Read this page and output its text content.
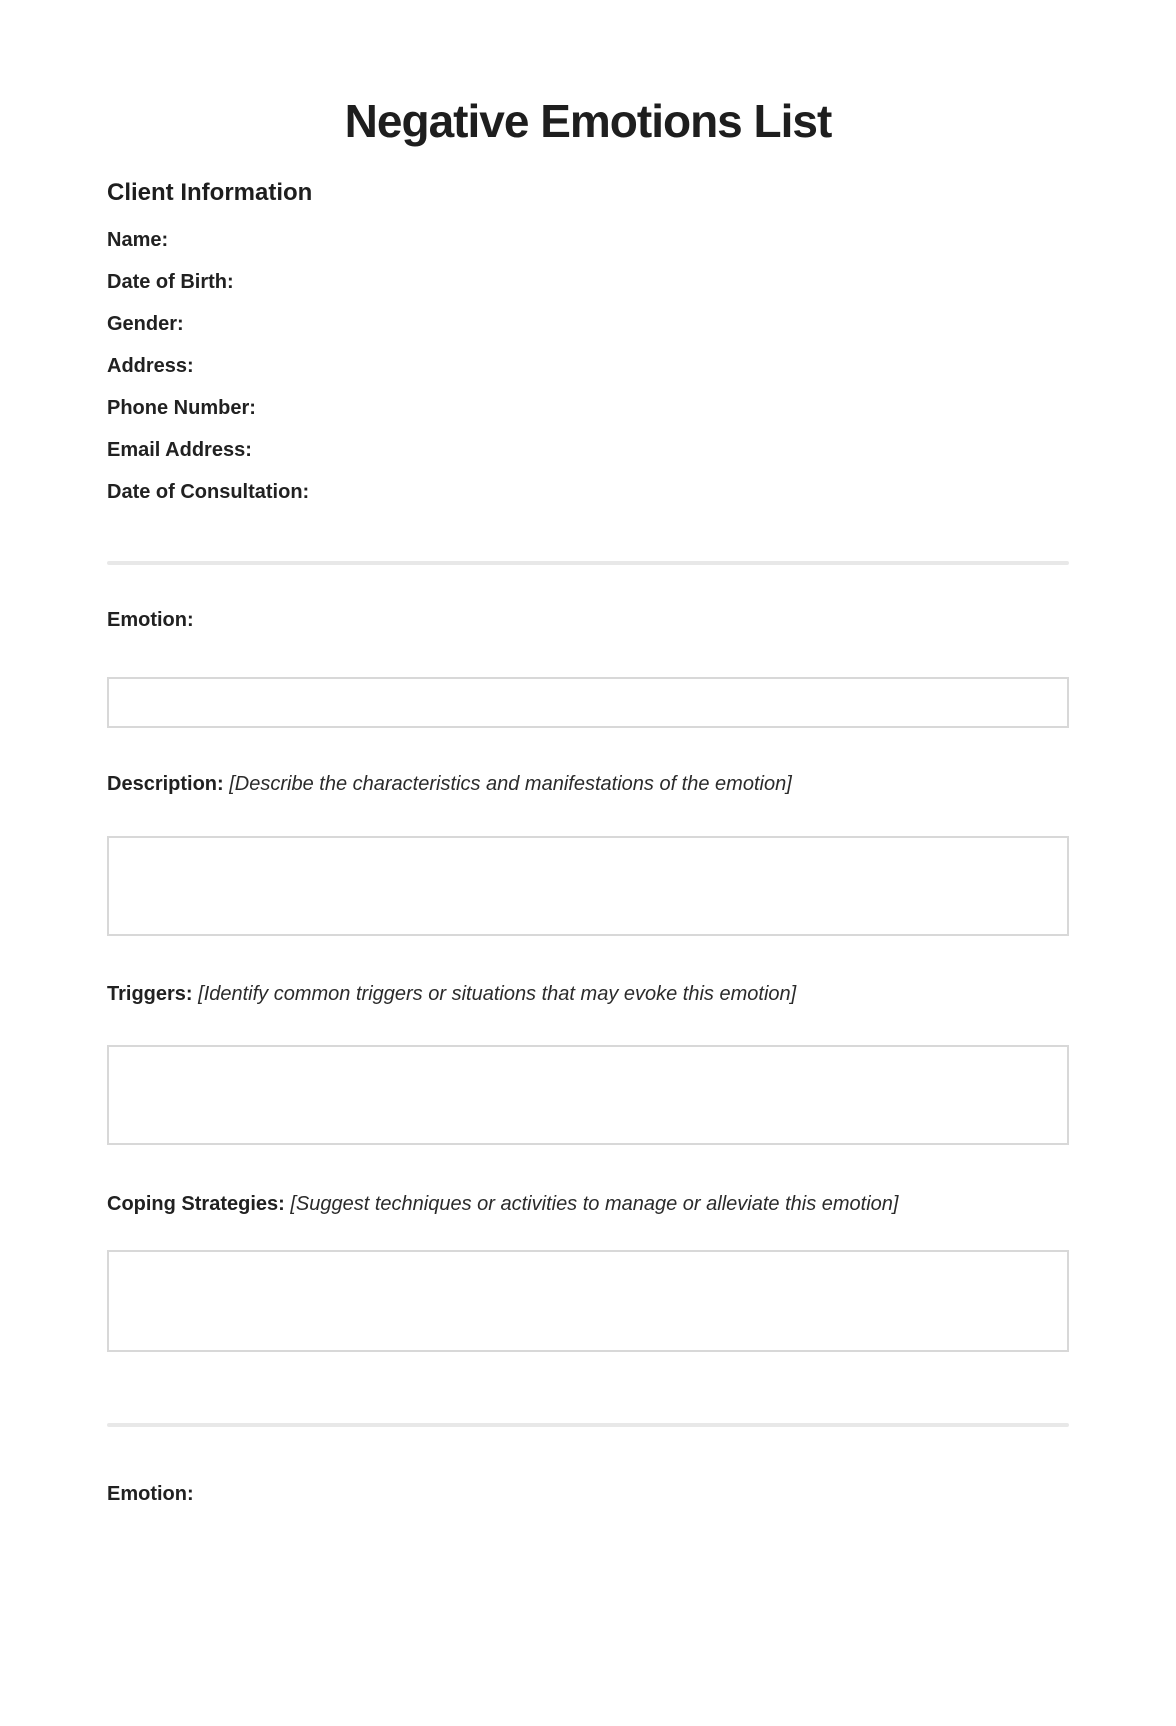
Negative Emotions List
Client Information

Name:

Date of Birth:

Gender:

Address:

Phone Number:

Email Address:

Date of Consultation:

Emotion:

Description: [Describe the characteristics and manifestations of the emotion]

Triggers: [Identify common triggers or situations that may evoke this emotion]

Coping Strategies: [Suggest techniques or activities to manage or alleviate this emotion]

Emotion:
